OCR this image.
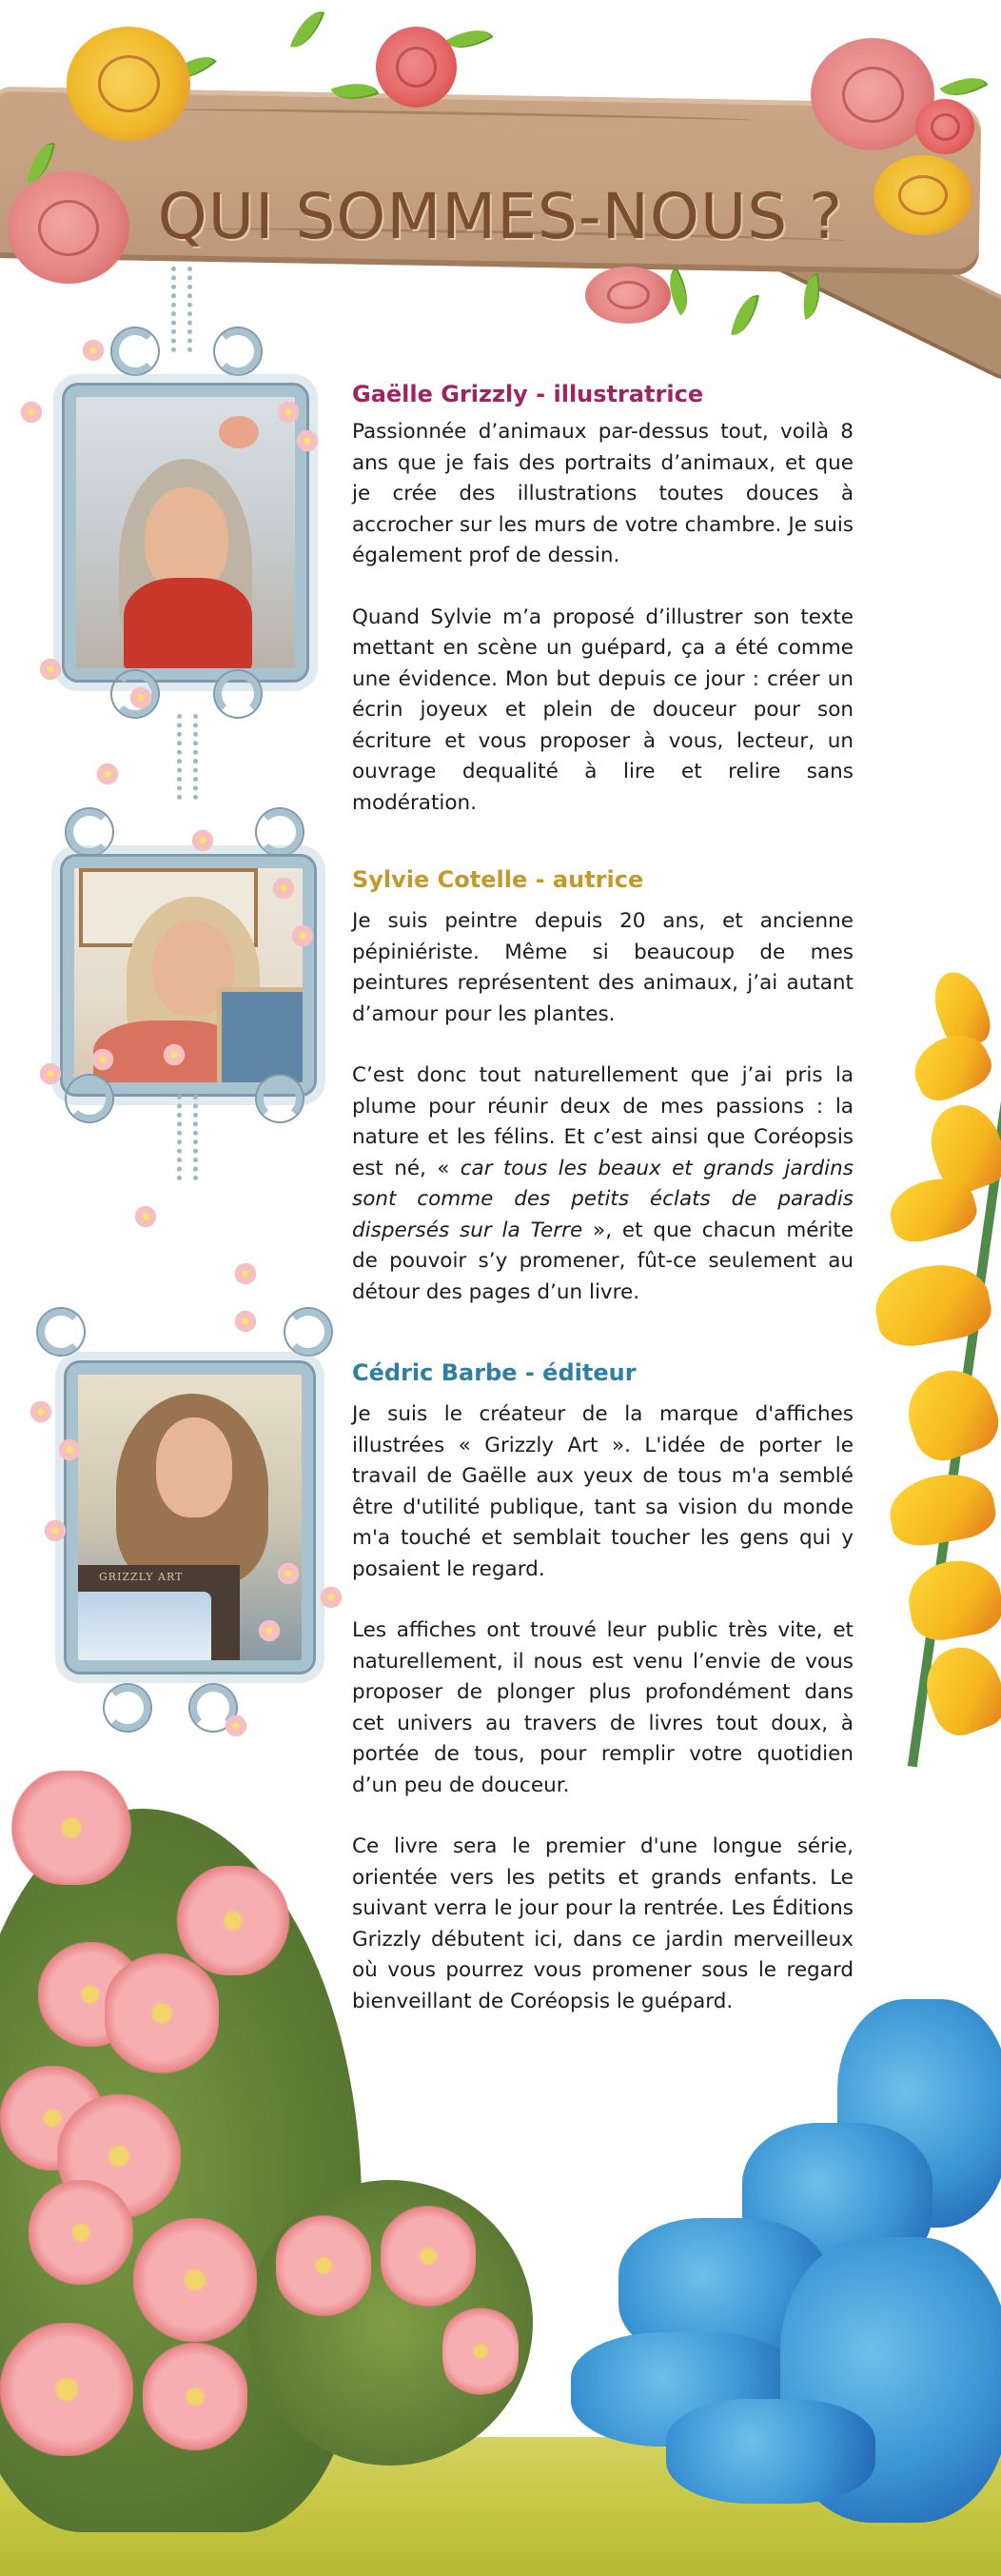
QUI SOMMES-NOUS ?
GRIZZLY ART
Gaëlle Grizzly - illustratrice

Passionnée d’animaux par-dessus tout, voilà 8 ans que je fais des portraits d’animaux, et que je crée des illustrations toutes douces à accrocher sur les murs de votre chambre. Je suis également prof de dessin.

Quand Sylvie m’a proposé d’illustrer son texte mettant en scène un guépard, ça a été comme une évidence. Mon but depuis ce jour : créer un écrin joyeux et plein de douceur pour son écriture et vous proposer à vous, lecteur, un ouvrage dequalité à lire et relire sans modération.

Sylvie Cotelle - autrice

Je suis peintre depuis 20 ans, et ancienne pépiniériste. Même si beaucoup de mes peintures représentent des animaux, j’ai autant d’amour pour les plantes.

C’est donc tout naturellement que j’ai pris la plume pour réunir deux de mes passions : la nature et les félins. Et c’est ainsi que Coréopsis est né, « car tous les beaux et grands jardins sont comme des petits éclats de paradis dispersés sur la Terre », et que chacun mérite de pouvoir s’y promener, fût-ce seulement au détour des pages d’un livre.

Cédric Barbe - éditeur

Je suis le créateur de la marque d'affiches illustrées « Grizzly Art ». L'idée de porter le travail de Gaëlle aux yeux de tous m'a semblé être d'utilité publique, tant sa vision du monde m'a touché et semblait toucher les gens qui y posaient le regard.

Les affiches ont trouvé leur public très vite, et naturellement, il nous est venu l’envie de vous proposer de plonger plus profondément dans cet univers au travers de livres tout doux, à portée de tous, pour remplir votre quotidien d’un peu de douceur.

Ce livre sera le premier d'une longue série, orientée vers les petits et grands enfants. Le suivant verra le jour pour la rentrée. Les Éditions Grizzly débutent ici, dans ce jardin merveilleux où vous pourrez vous promener sous le regard bienveillant de Coréopsis le guépard.
